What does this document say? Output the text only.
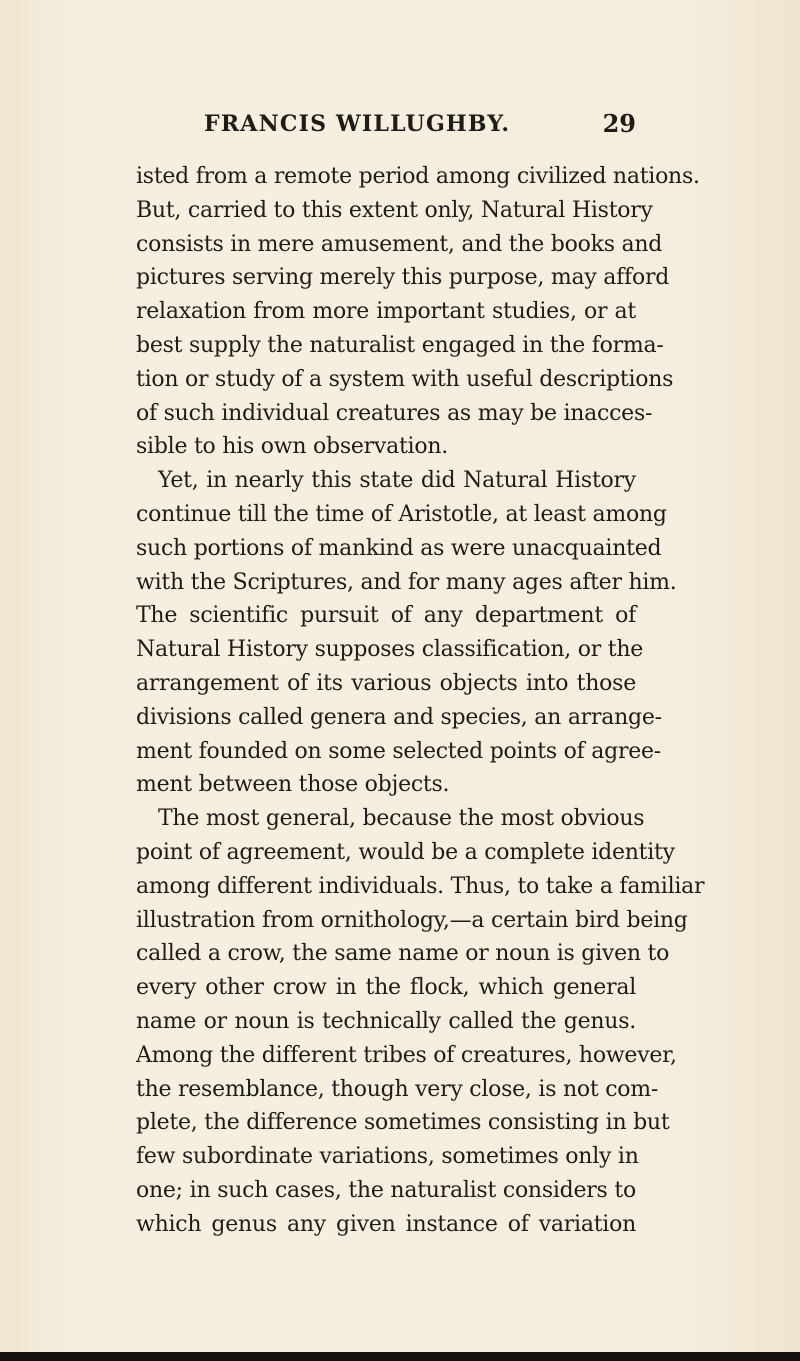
FRANCIS WILLUGHBY.	29
isted from a remote period among civilized nations.
But, carried to this extent only, Natural History
consists in mere amusement, and the books and
pictures serving merely this purpose, may afford
relaxation from more important studies, or at
best supply the naturalist engaged in the forma-
tion or study of a system with useful descriptions
of such individual creatures as may be inacces-
sible to his own observation.
Yet, in nearly this state did Natural History
continue till the time of Aristotle, at least among
such portions of mankind as were unacquainted
with the Scriptures, and for many ages after him.
The scientific pursuit of any department of
Natural History supposes classification, or the
arrangement of its various objects into those
divisions called genera and species, an arrange-
ment founded on some selected points of agree-
ment between those objects.
The most general, because the most obvious
point of agreement, would be a complete identity
among different individuals. Thus, to take a familiar
illustration from ornithology,—a certain bird being
called a crow, the same name or noun is given to
every other crow in the flock, which general
name or noun is technically called the genus.
Among the different tribes of creatures, however,
the resemblance, though very close, is not com-
plete, the difference sometimes consisting in but
few subordinate variations, sometimes only in
one; in such cases, the naturalist considers to
which genus any given instance of variation
